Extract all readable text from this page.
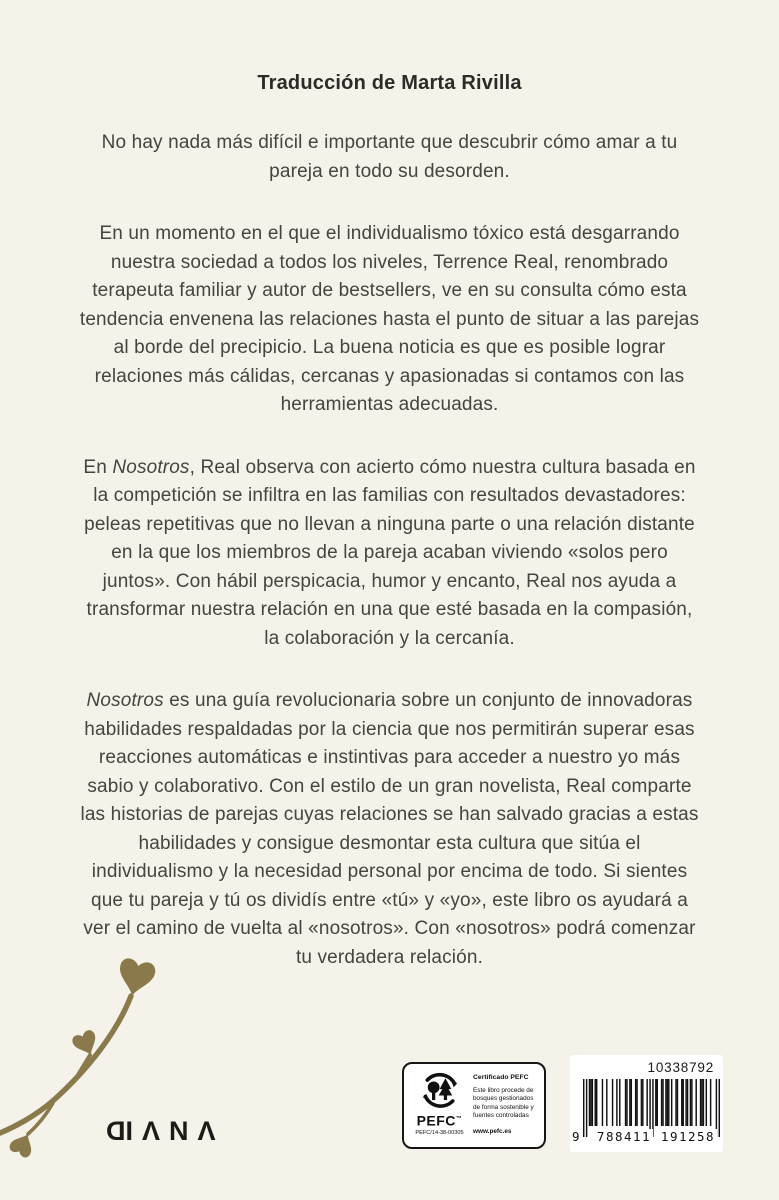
Traducción de Marta Rivilla

No hay nada más difícil e importante que descubrir cómo amar a tu pareja en todo su desorden.

En un momento en el que el individualismo tóxico está desgarrando nuestra sociedad a todos los niveles, Terrence Real, renombrado terapeuta familiar y autor de bestsellers, ve en su consulta cómo esta tendencia envenena las relaciones hasta el punto de situar a las parejas al borde del precipicio. La buena noticia es que es posible lograr relaciones más cálidas, cercanas y apasionadas si contamos con las herramientas adecuadas.

En Nosotros, Real observa con acierto cómo nuestra cultura basada en la competición se infiltra en las familias con resultados devastadores: peleas repetitivas que no llevan a ninguna parte o una relación distante en la que los miembros de la pareja acaban viviendo «solos pero juntos». Con hábil perspicacia, humor y encanto, Real nos ayuda a transformar nuestra relación en una que esté basada en la compasión, la colaboración y la cercanía.

Nosotros es una guía revolucionaria sobre un conjunto de innovadoras habilidades respaldadas por la ciencia que nos permitirán superar esas reacciones automáticas e instintivas para acceder a nuestro yo más sabio y colaborativo. Con el estilo de un gran novelista, Real comparte las historias de parejas cuyas relaciones se han salvado gracias a estas habilidades y consigue desmontar esta cultura que sitúa el individualismo y la necesidad personal por encima de todo. Si sientes que tu pareja y tú os dividís entre «tú» y «yo», este libro os ayudará a ver el camino de vuelta al «nosotros». Con «nosotros» podrá comenzar tu verdadera relación.

DIΛNΛ	PEFC™
PEFC/14-38-00305
Certificado PEFC
Este libro procede de bosques gestionados de forma sostenible y fuentes controladas
www.pefc.es
10338792
9 788411 191258
